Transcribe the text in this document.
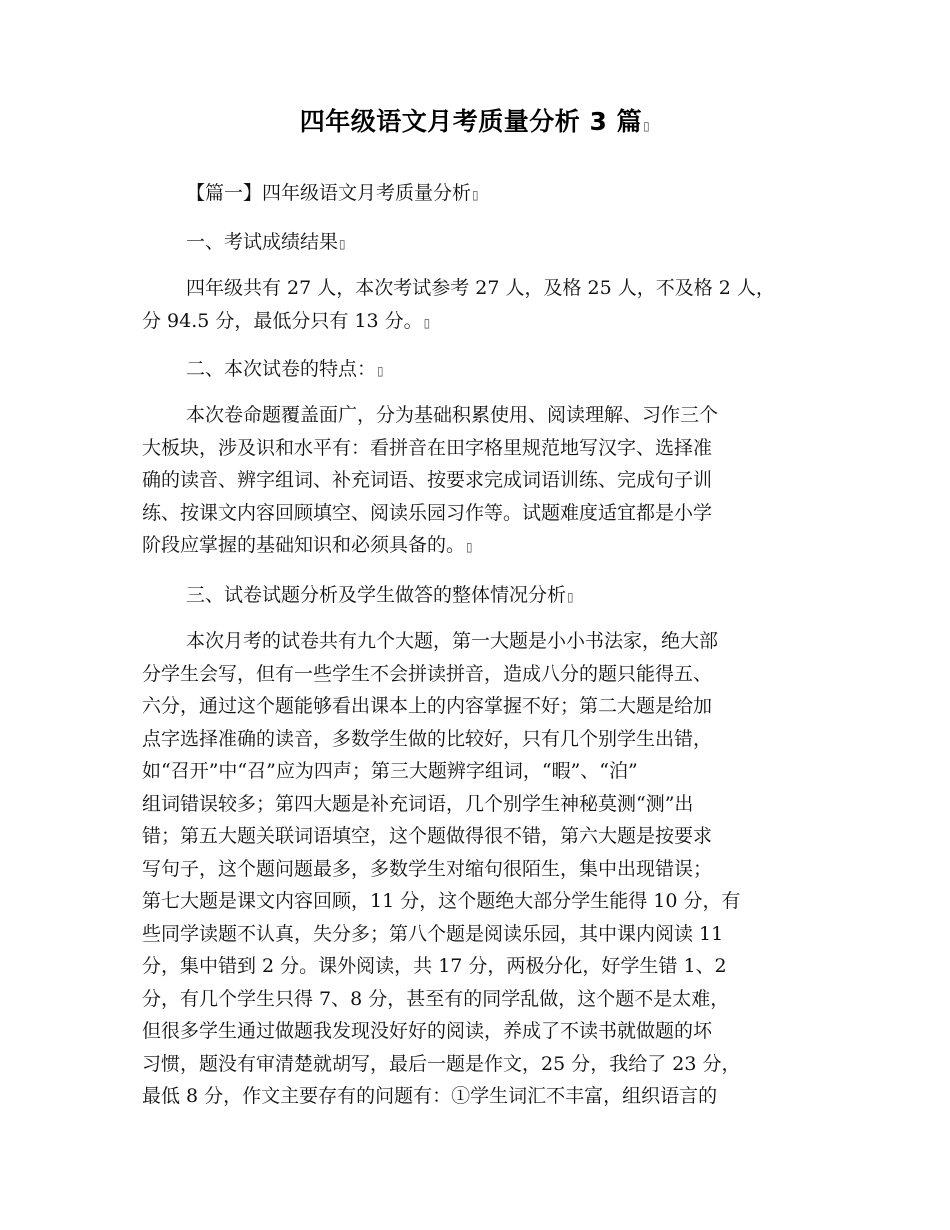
四年级语文月考质量分析 3 篇▯
【篇一】四年级语文月考质量分析▯
一、考试成绩结果▯
四年级共有 27 人，本次考试参考 27 人，及格 25 人，不及格 2 人，
分 94.5 分，最低分只有 13 分。▯
二、本次试卷的特点：▯
本次卷命题覆盖面广，分为基础积累使用、阅读理解、习作三个
大板块，涉及识和水平有：看拼音在田字格里规范地写汉字、选择准
确的读音、辨字组词、补充词语、按要求完成词语训练、完成句子训
练、按课文内容回顾填空、阅读乐园习作等。试题难度适宜都是小学
阶段应掌握的基础知识和必须具备的。▯
三、试卷试题分析及学生做答的整体情况分析▯
本次月考的试卷共有九个大题，第一大题是小小书法家，绝大部
分学生会写，但有一些学生不会拼读拼音，造成八分的题只能得五、
六分，通过这个题能够看出课本上的内容掌握不好；第二大题是给加
点字选择准确的读音，多数学生做的比较好，只有几个别学生出错，
如“召开”中“召”应为四声；第三大题辨字组词，“暇”、“泊”
组词错误较多；第四大题是补充词语，几个别学生神秘莫测“测”出
错；第五大题关联词语填空，这个题做得很不错，第六大题是按要求
写句子，这个题问题最多，多数学生对缩句很陌生，集中出现错误；
第七大题是课文内容回顾，11 分，这个题绝大部分学生能得 10 分，有
些同学读题不认真，失分多；第八个题是阅读乐园，其中课内阅读 11
分，集中错到 2 分。课外阅读，共 17 分，两极分化，好学生错 1、2
分，有几个学生只得 7、8 分，甚至有的同学乱做，这个题不是太难，
但很多学生通过做题我发现没好好的阅读，养成了不读书就做题的坏
习惯，题没有审清楚就胡写，最后一题是作文，25 分，我给了 23 分，
最低 8 分，作文主要存有的问题有：①学生词汇不丰富，组织语言的
